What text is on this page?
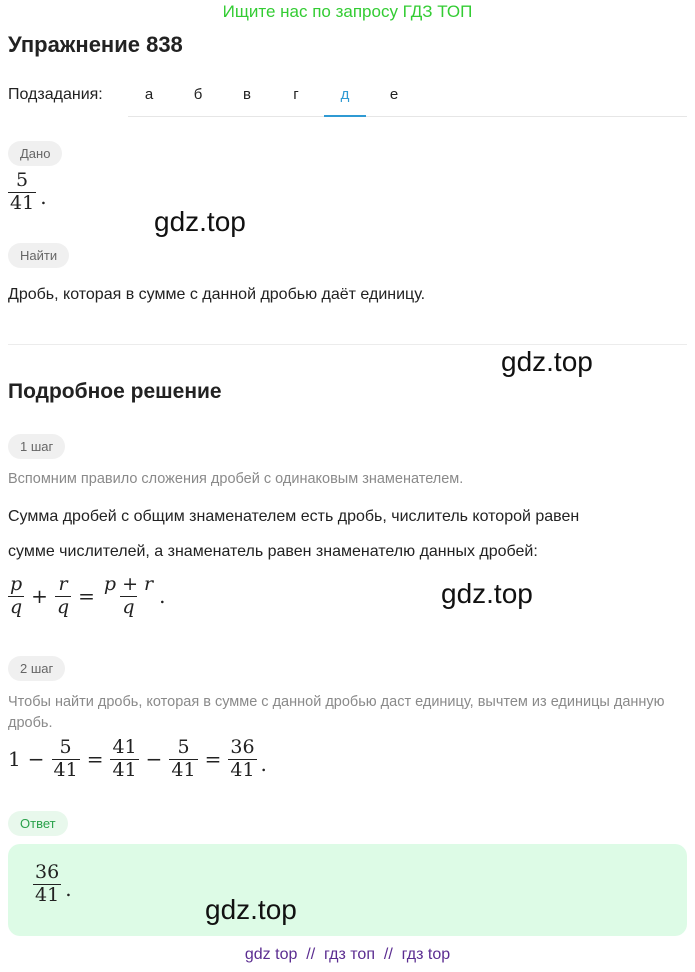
Ищите нас по запросу ГДЗ ТОП
Упражнение 838
Подзадания:	а	б	в	г	д	е
Дано
$\frac{5}{41}$ .
gdz.top
Найти
Дробь, которая в сумме с данной дробью даёт единицу.
gdz.top
Подробное решение
1 шаг
Вспомним правило сложения дробей с одинаковым знаменателем.
Сумма дробей с общим знаменателем есть дробь, числитель которой равен
сумме числителей, а знаменатель равен знаменателю данных дробей:
$\frac{p}{q} + \frac{r}{q} = \frac{p + r}{q}$ .	gdz.top
2 шаг
Чтобы найти дробь, которая в сумме с данной дробью даст единицу, вычтем из единицы данную дробь.
$1 - \frac{5}{41} = \frac{41}{41} - \frac{5}{41} = \frac{36}{41}$ .
Ответ
$\frac{36}{41}$ .
gdz.top
gdz top  //  гдз топ  //  гдз top
